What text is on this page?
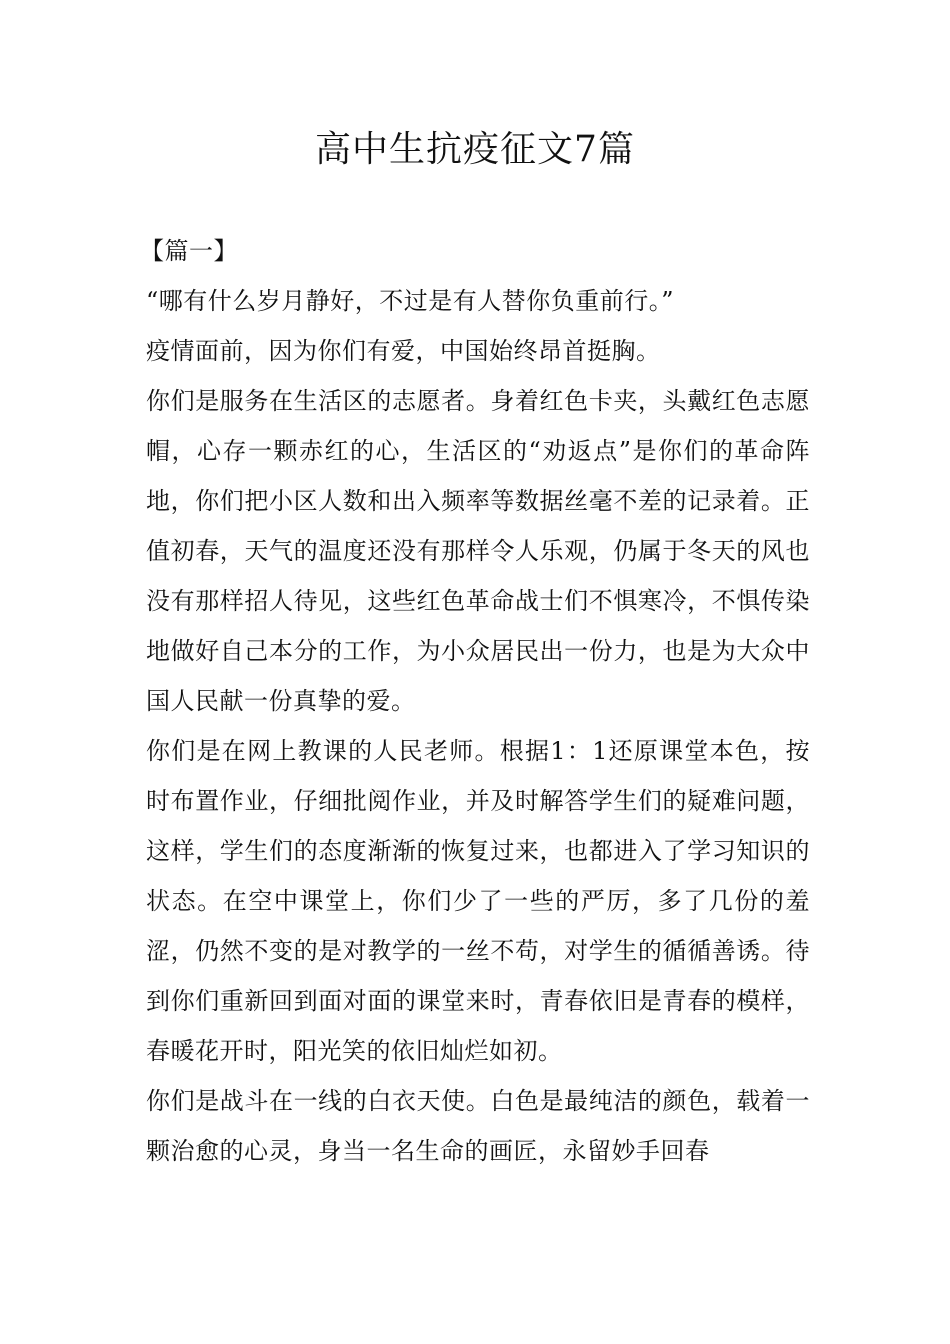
高中生抗疫征文7篇

【篇一】

“哪有什么岁月静好，不过是有人替你负重前行。”

疫情面前，因为你们有爱，中国始终昂首挺胸。

你们是服务在生活区的志愿者。身着红色卡夹，头戴红色志愿帽，心存一颗赤红的心，生活区的“劝返点”是你们的革命阵地，你们把小区人数和出入频率等数据丝毫不差的记录着。正值初春，天气的温度还没有那样令人乐观，仍属于冬天的风也没有那样招人待见，这些红色革命战士们不惧寒冷，不惧传染地做好自己本分的工作，为小众居民出一份力，也是为大众中国人民献一份真挚的爱。

你们是在网上教课的人民老师。根据1：1还原课堂本色，按时布置作业，仔细批阅作业，并及时解答学生们的疑难问题，这样，学生们的态度渐渐的恢复过来，也都进入了学习知识的状态。在空中课堂上，你们少了一些的严厉，多了几份的羞涩，仍然不变的是对教学的一丝不苟，对学生的循循善诱。待到你们重新回到面对面的课堂来时，青春依旧是青春的模样，春暖花开时，阳光笑的依旧灿烂如初。

你们是战斗在一线的白衣天使。白色是最纯洁的颜色，载着一颗治愈的心灵，身当一名生命的画匠，永留妙手回春
